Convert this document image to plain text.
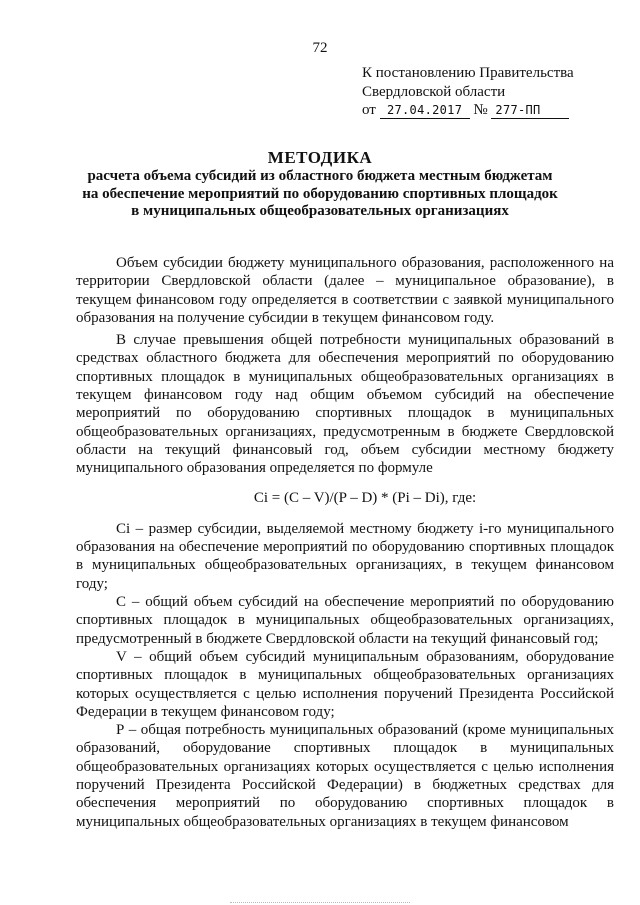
72
К постановлению Правительства
Свердловской области
от 27.04.2017 № 277-ПП
МЕТОДИКА
расчета объема субсидий из областного бюджета местным бюджетам на обеспечение мероприятий по оборудованию спортивных площадок в муниципальных общеобразовательных организациях

Объем субсидии бюджету муниципального образования, расположенного на территории Свердловской области (далее – муниципальное образование), в текущем финансовом году определяется в соответствии с заявкой муниципального образования на получение субсидии в текущем финансовом году.

В случае превышения общей потребности муниципальных образований в средствах областного бюджета для обеспечения мероприятий по оборудованию спортивных площадок в муниципальных общеобразовательных организациях в текущем финансовом году над общим объемом субсидий на обеспечение мероприятий по оборудованию спортивных площадок в муниципальных общеобразовательных организациях, предусмотренным в бюджете Свердловской области на текущий финансовый год, объем субсидии местному бюджету муниципального образования определяется по формуле

Ci = (C – V)/(P – D) * (Pi – Di), где:

Ci – размер субсидии, выделяемой местному бюджету i-го муниципального образования на обеспечение мероприятий по оборудованию спортивных площадок в муниципальных общеобразовательных организациях, в текущем финансовом году;

С – общий объем субсидий на обеспечение мероприятий по оборудованию спортивных площадок в муниципальных общеобразовательных организациях, предусмотренный в бюджете Свердловской области на текущий финансовый год;

V – общий объем субсидий муниципальным образованиям, оборудование спортивных площадок в муниципальных общеобразовательных организациях которых осуществляется с целью исполнения поручений Президента Российской Федерации в текущем финансовом году;

Р – общая потребность муниципальных образований (кроме муниципальных образований, оборудование спортивных площадок в муниципальных общеобразовательных организациях которых осуществляется с целью исполнения поручений Президента Российской Федерации) в бюджетных средствах для обеспечения мероприятий по оборудованию спортивных площадок в муниципальных общеобразовательных организациях в текущем финансовом
